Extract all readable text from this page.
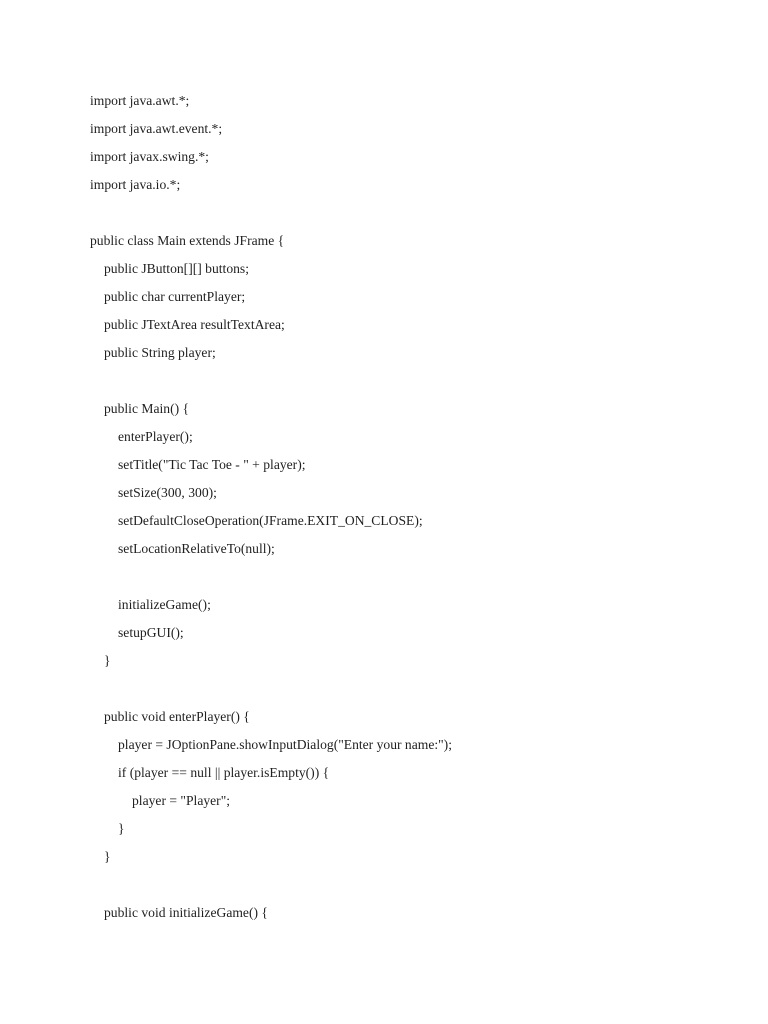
import java.awt.*;
import java.awt.event.*;
import javax.swing.*;
import java.io.*;
public class Main extends JFrame {
public JButton[][] buttons;
public char currentPlayer;
public JTextArea resultTextArea;
public String player;
public Main() {
enterPlayer();
setTitle("Tic Tac Toe - " + player);
setSize(300, 300);
setDefaultCloseOperation(JFrame.EXIT_ON_CLOSE);
setLocationRelativeTo(null);
initializeGame();
setupGUI();
}
public void enterPlayer() {
player = JOptionPane.showInputDialog("Enter your name:");
if (player == null || player.isEmpty()) {
player = "Player";
}
}
public void initializeGame() {
